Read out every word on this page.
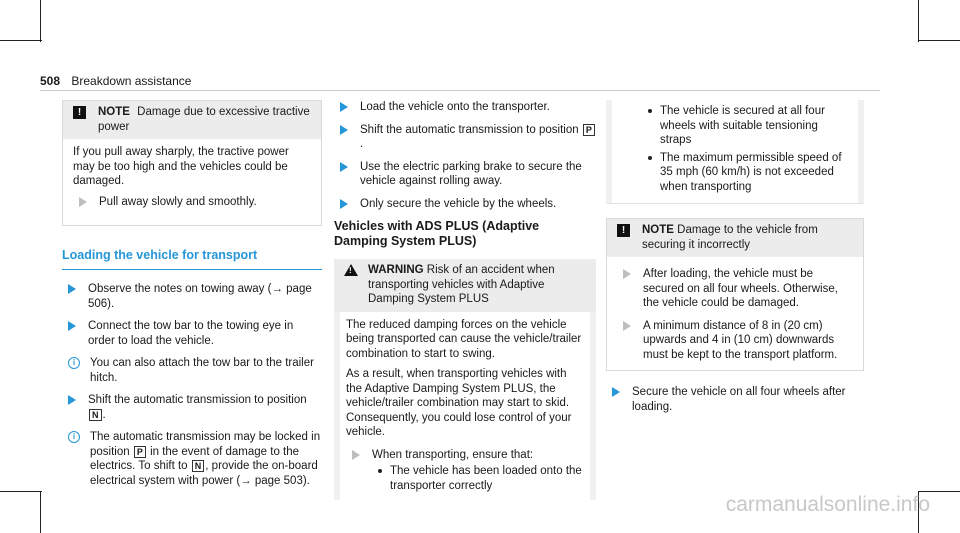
508 Breakdown assistance
!	NOTE Damage due to excessive tractive power

If you pull away sharply, the tractive power may be too high and the vehicles could be damaged.

Pull away slowly and smoothly.
Loading the vehicle for transport
Observe the notes on towing away (→ page 506).
Connect the tow bar to the towing eye in order to load the vehicle.
i	You can also attach the tow bar to the trailer hitch.
Shift the automatic transmission to position N .
i	The automatic transmission may be locked in position P in the event of damage to the electrics. To shift to N , provide the on-board electrical system with power (→ page 503).
Load the vehicle onto the transporter.
Shift the automatic transmission to position P.
Use the electric parking brake to secure the vehicle against rolling away.
Only secure the vehicle by the wheels.
Vehicles with ADS PLUS (Adaptive Damping System PLUS)
! WARNING Risk of an accident when transporting vehicles with Adaptive Damping System PLUS

The reduced damping forces on the vehicle being transported can cause the vehicle/trailer combination to start to swing.

As a result, when transporting vehicles with the Adaptive Damping System PLUS, the vehicle/trailer combination may start to skid. Consequently, you could lose control of your vehicle.

When transporting, ensure that:
The vehicle has been loaded onto the transporter correctly
The vehicle is secured at all four wheels with suitable tensioning straps
The maximum permissible speed of 35 mph (60 km/h) is not exceeded when transporting
!	NOTE Damage to the vehicle from securing it incorrectly
After loading, the vehicle must be secured on all four wheels. Otherwise, the vehicle could be damaged.
A minimum distance of 8 in (20 cm) upwards and 4 in (10 cm) downwards must be kept to the transport platform.
Secure the vehicle on all four wheels after loading.
carmanualsonline.info
